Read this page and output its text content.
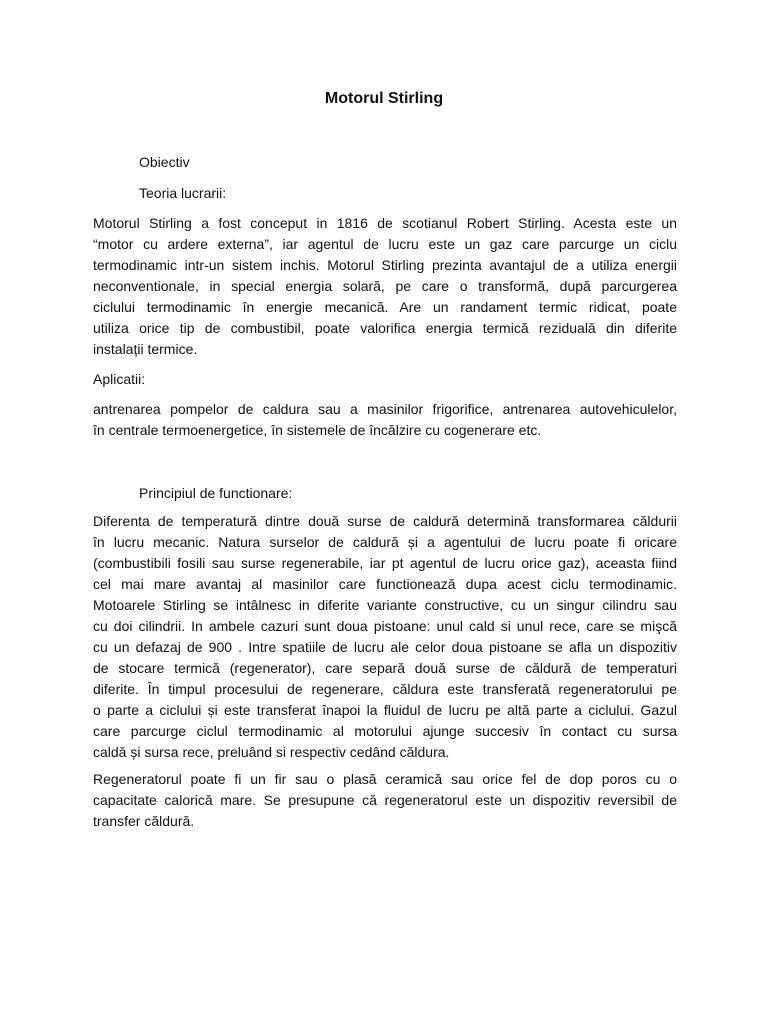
Motorul Stirling

Obiectiv

Teoria lucrarii:

Motorul Stirling a fost conceput in 1816 de scotianul Robert Stirling. Acesta este un
“motor cu ardere externa”, iar agentul de lucru este un gaz care parcurge un ciclu
termodinamic intr-un sistem inchis. Motorul Stirling prezinta avantajul de a utiliza energii
neconventionale, in special energia solară, pe care o transformă, după parcurgerea
ciclului termodinamic în energie mecanică. Are un randament termic ridicat, poate
utiliza orice tip de combustibil, poate valorifica energia termică reziduală din diferite
instalații termice.

Aplicatii:

antrenarea pompelor de caldura sau a masinilor frigorifice, antrenarea autovehiculelor,
în centrale termoenergetice, în sistemele de încălzire cu cogenerare etc.

Principiul de functionare:

Diferenta de temperatură dintre două surse de caldură determină transformarea căldurii
în lucru mecanic. Natura surselor de caldură și a agentului de lucru poate fi oricare
(combustibili fosili sau surse regenerabile, iar pt agentul de lucru orice gaz), aceasta fiind
cel mai mare avantaj al masinilor care functionează dupa acest ciclu termodinamic.
Motoarele Stirling se intâlnesc in diferite variante constructive, cu un singur cilindru sau
cu doi cilindrii. In ambele cazuri sunt doua pistoane: unul cald si unul rece, care se mişcă
cu un defazaj de 900 . Intre spatiile de lucru ale celor doua pistoane se afla un dispozitiv
de stocare termică (regenerator), care separă două surse de căldură de temperaturi
diferite. În timpul procesului de regenerare, căldura este transferată regeneratorului pe
o parte a ciclului și este transferat înapoi la fluidul de lucru pe altă parte a ciclului. Gazul
care parcurge ciclul termodinamic al motorului ajunge succesiv în contact cu sursa
caldă și sursa rece, preluând si respectiv cedând căldura.
Regeneratorul poate fi un fir sau o plasă ceramică sau orice fel de dop poros cu o
capacitate calorică mare. Se presupune că regeneratorul este un dispozitiv reversibil de
transfer căldură.
